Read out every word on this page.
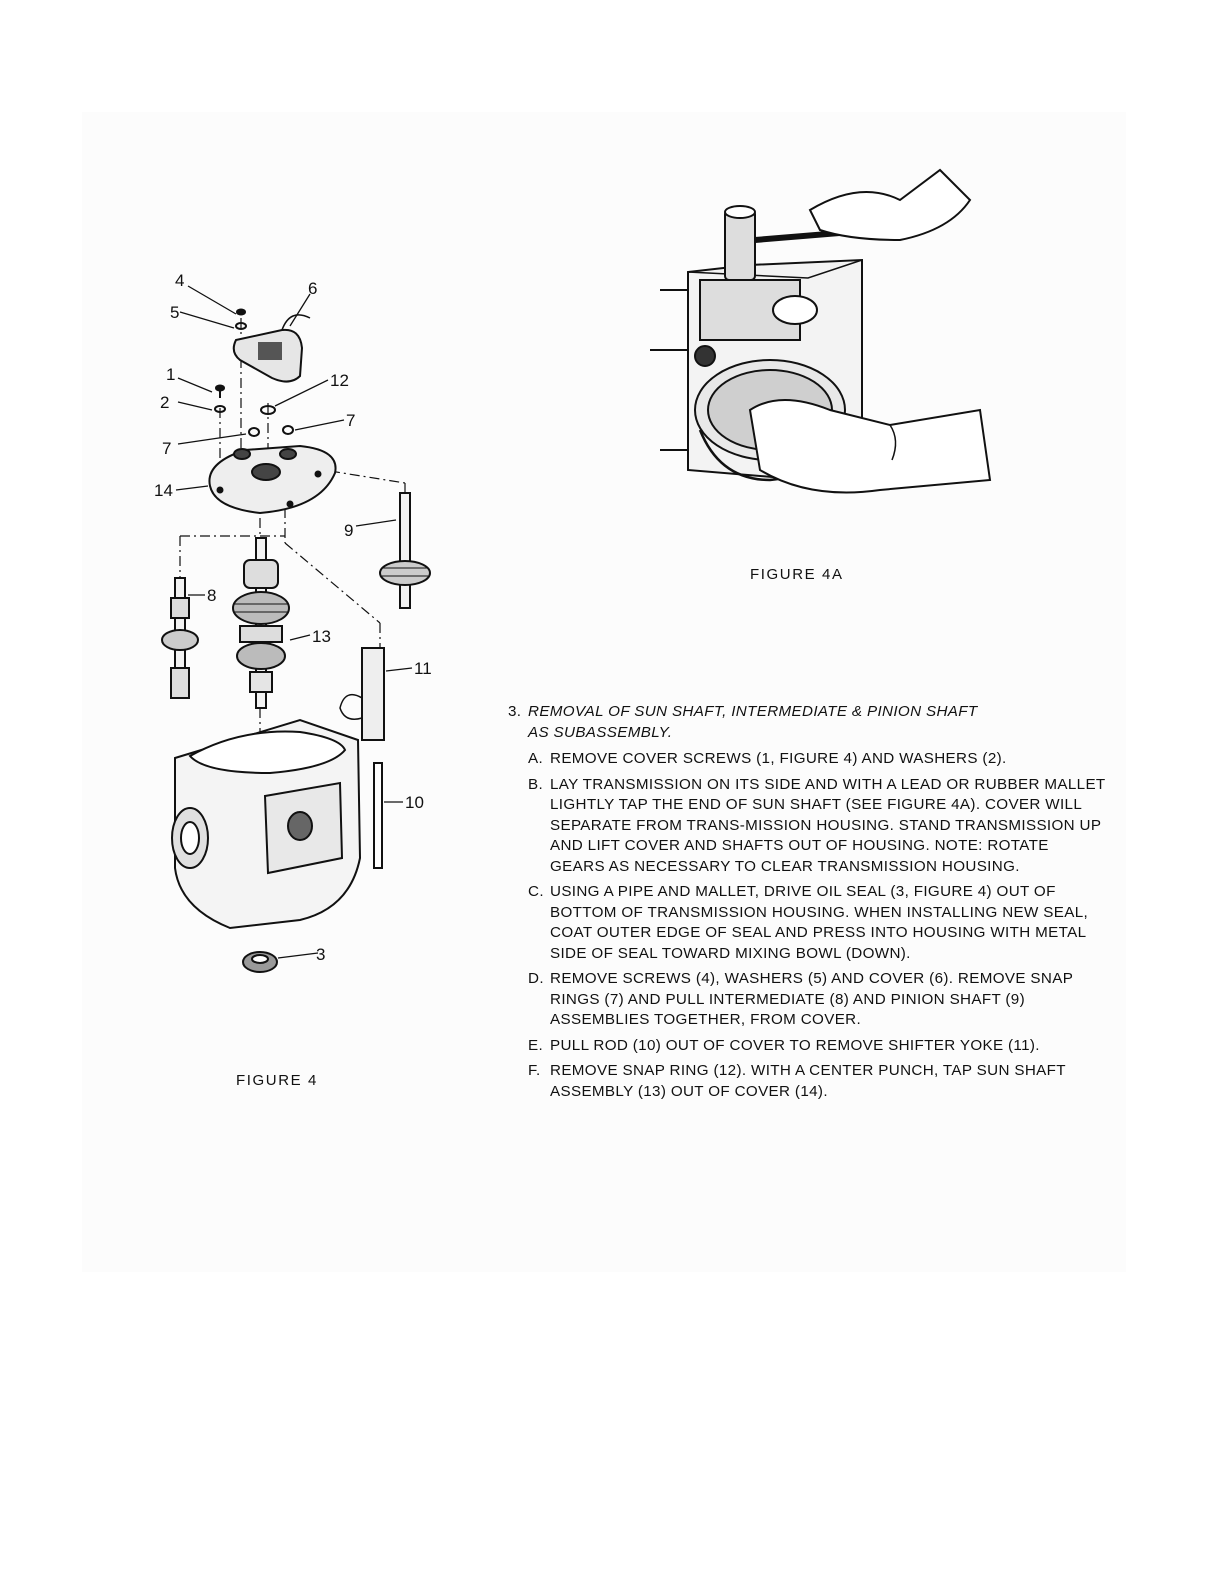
4
5
6
1
2
12
7
7
14
9
8
13
11
10
3
FIGURE 4
FIGURE 4A
3. REMOVAL OF SUN SHAFT, INTERMEDIATE & PINION SHAFT
AS SUBASSEMBLY.
A. REMOVE COVER SCREWS (1, FIGURE 4) AND WASHERS (2).
B. LAY TRANSMISSION ON ITS SIDE AND WITH A LEAD OR RUBBER MALLET LIGHTLY TAP THE END OF SUN SHAFT (SEE FIGURE 4A). COVER WILL SEPARATE FROM TRANS-MISSION HOUSING. STAND TRANSMISSION UP AND LIFT COVER AND SHAFTS OUT OF HOUSING. NOTE: ROTATE GEARS AS NECESSARY TO CLEAR TRANSMISSION HOUSING.
C. USING A PIPE AND MALLET, DRIVE OIL SEAL (3, FIGURE 4) OUT OF BOTTOM OF TRANSMISSION HOUSING. WHEN INSTALLING NEW SEAL, COAT OUTER EDGE OF SEAL AND PRESS INTO HOUSING WITH METAL SIDE OF SEAL TOWARD MIXING BOWL (DOWN).
D. REMOVE SCREWS (4), WASHERS (5) AND COVER (6). REMOVE SNAP RINGS (7) AND PULL INTERMEDIATE (8) AND PINION SHAFT (9) ASSEMBLIES TOGETHER, FROM COVER.
E. PULL ROD (10) OUT OF COVER TO REMOVE SHIFTER YOKE (11).
F. REMOVE SNAP RING (12). WITH A CENTER PUNCH, TAP SUN SHAFT ASSEMBLY (13) OUT OF COVER (14).
